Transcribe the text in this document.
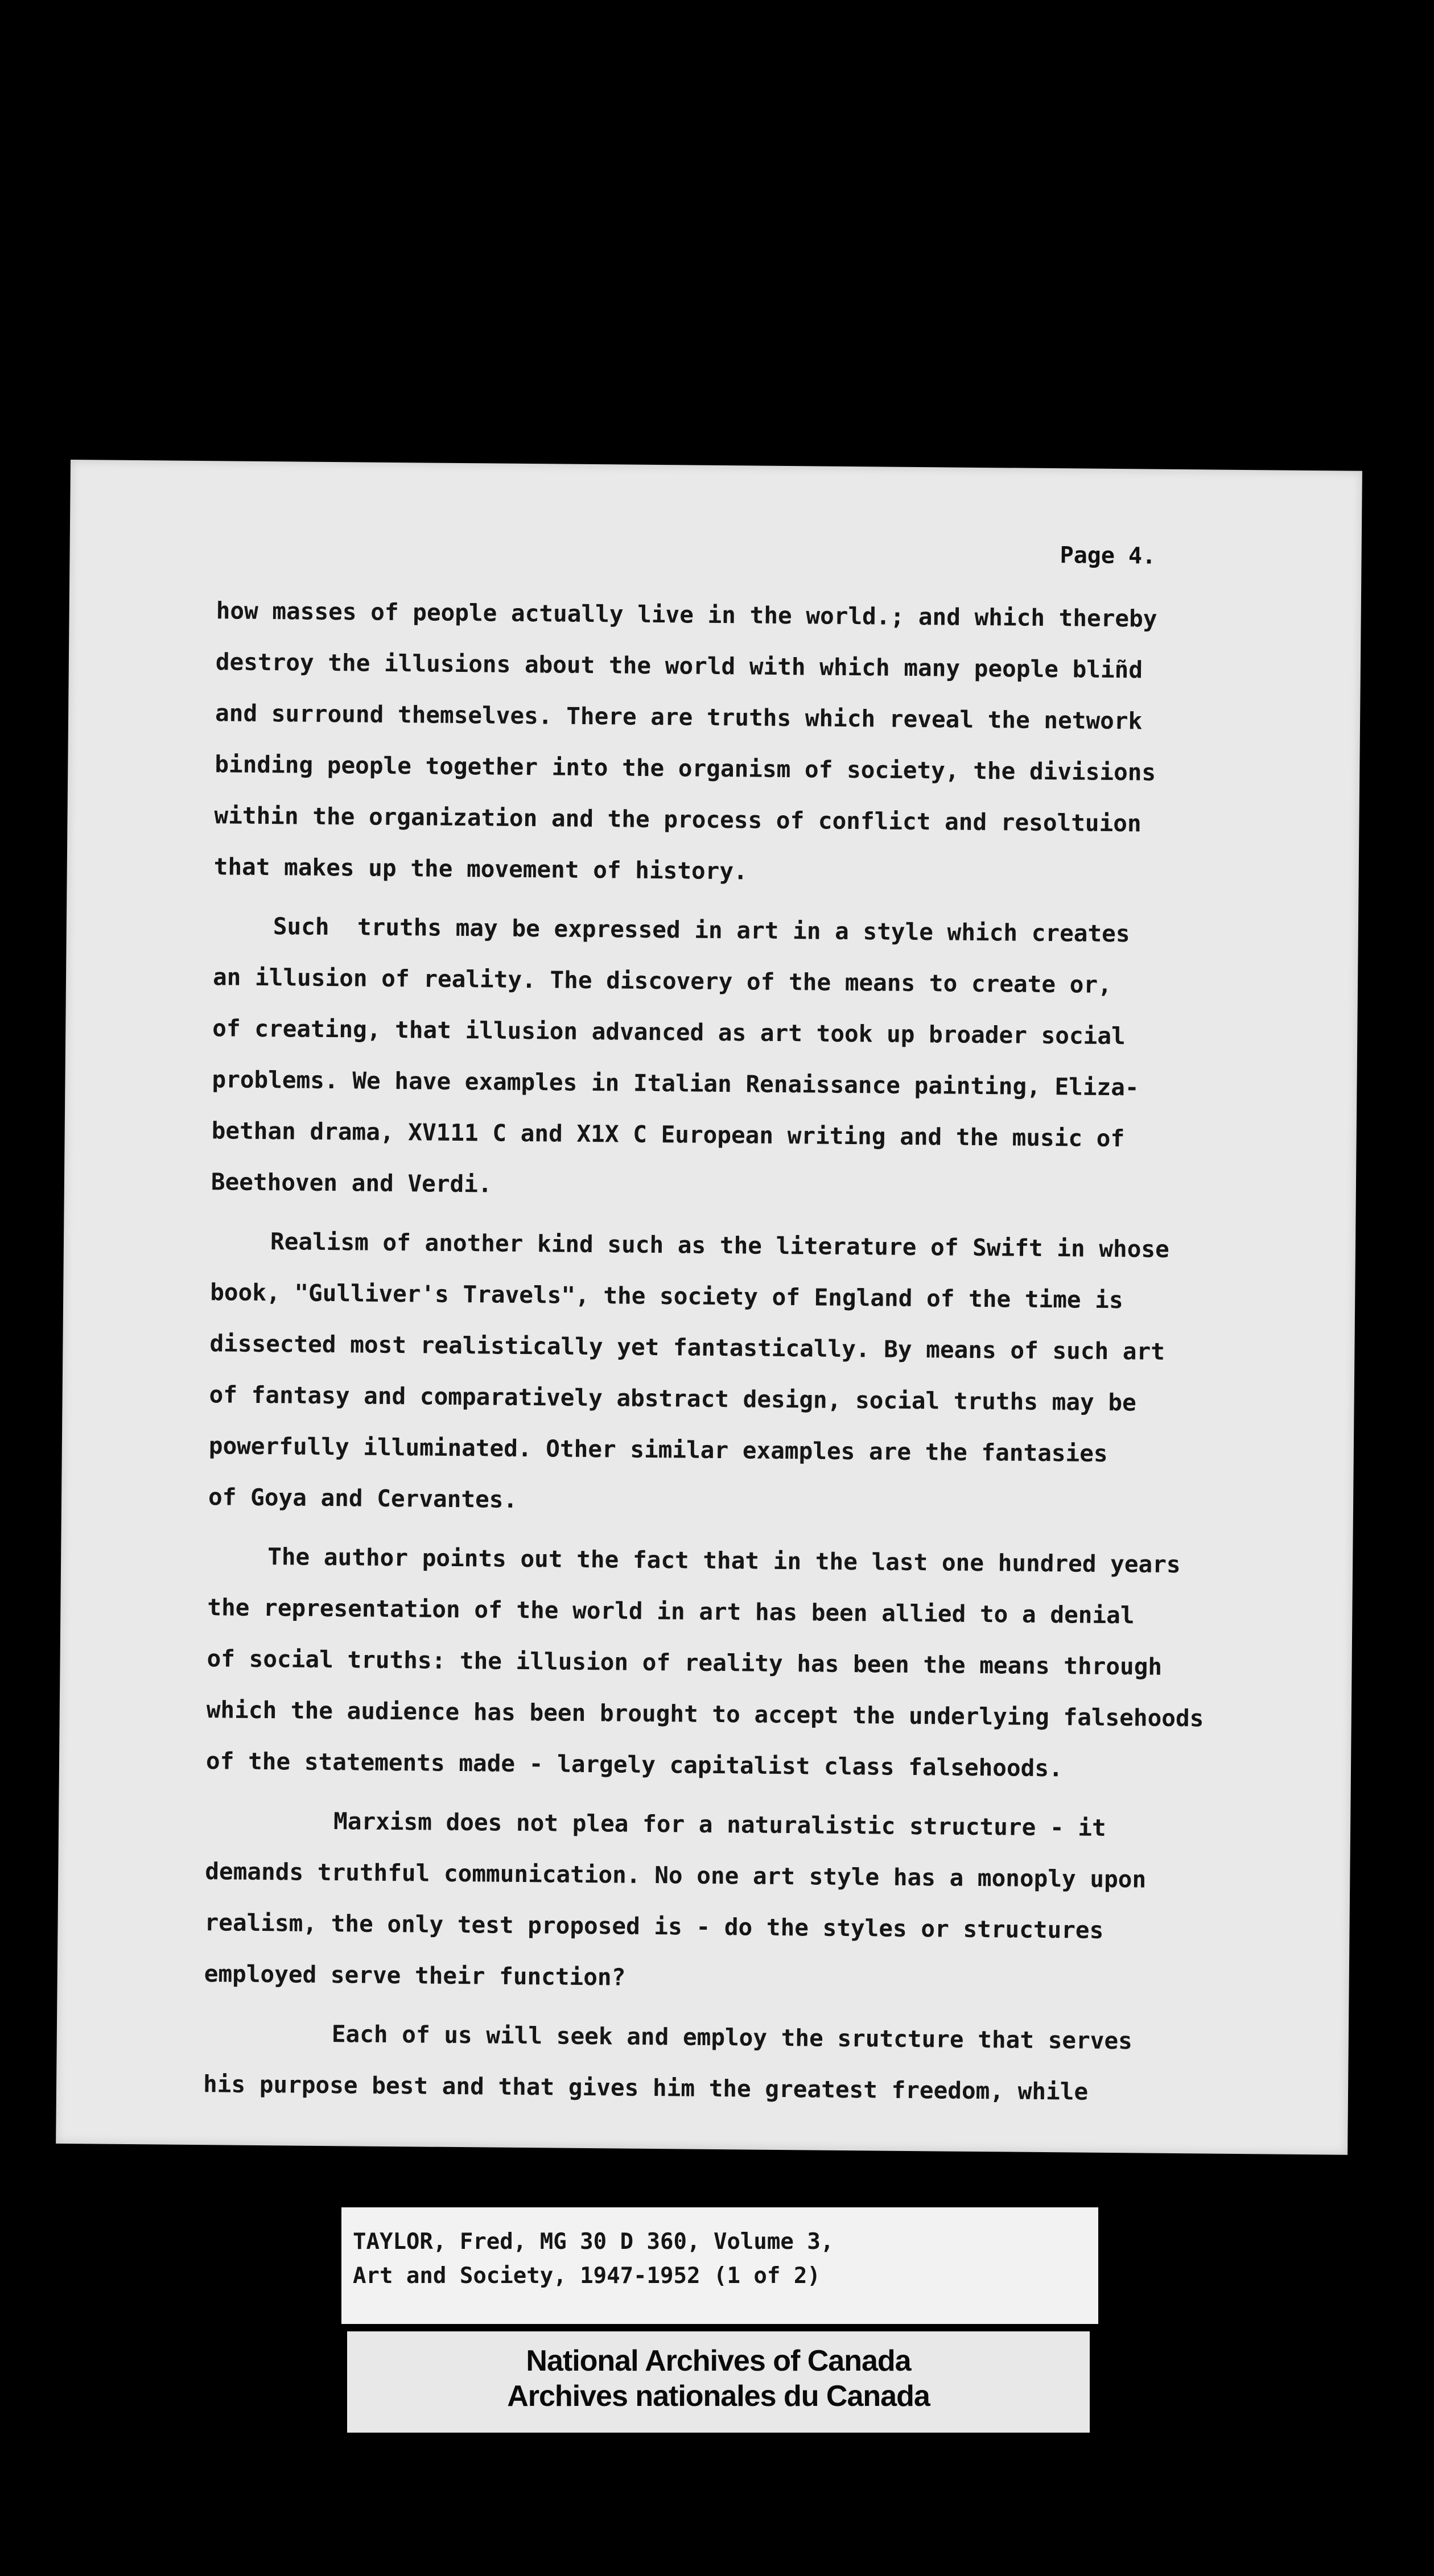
Page 4.
how masses of people actually live in the world.; and which thereby
destroy the illusions about the world with which many people bliñd
and surround themselves. There are truths which reveal the network
binding people together into the organism of society, the divisions
within the organization and the process of conflict and resoltuion
that makes up the movement of history.
Such  truths may be expressed in art in a style which creates
an illusion of reality. The discovery of the means to create or,
of creating, that illusion advanced as art took up broader social
problems. We have examples in Italian Renaissance painting, Eliza-
bethan drama, XV111 C and X1X C European writing and the music of
Beethoven and Verdi.
Realism of another kind such as the literature of Swift in whose
book, "Gulliver's Travels", the society of England of the time is
dissected most realistically yet fantastically. By means of such art
of fantasy and comparatively abstract design, social truths may be
powerfully illuminated. Other similar examples are the fantasies
of Goya and Cervantes.
The author points out the fact that in the last one hundred years
the representation of the world in art has been allied to a denial
of social truths: the illusion of reality has been the means through
which the audience has been brought to accept the underlying falsehoods
of the statements made - largely capitalist class falsehoods.
Marxism does not plea for a naturalistic structure - it
demands truthful communication. No one art style has a monoply upon
realism, the only test proposed is - do the styles or structures
employed serve their function?
Each of us will seek and employ the srutcture that serves
his purpose best and that gives him the greatest freedom, while
TAYLOR, Fred, MG 30 D 360, Volume 3,
Art and Society, 1947-1952 (1 of 2)
National Archives of Canada
Archives nationales du Canada
